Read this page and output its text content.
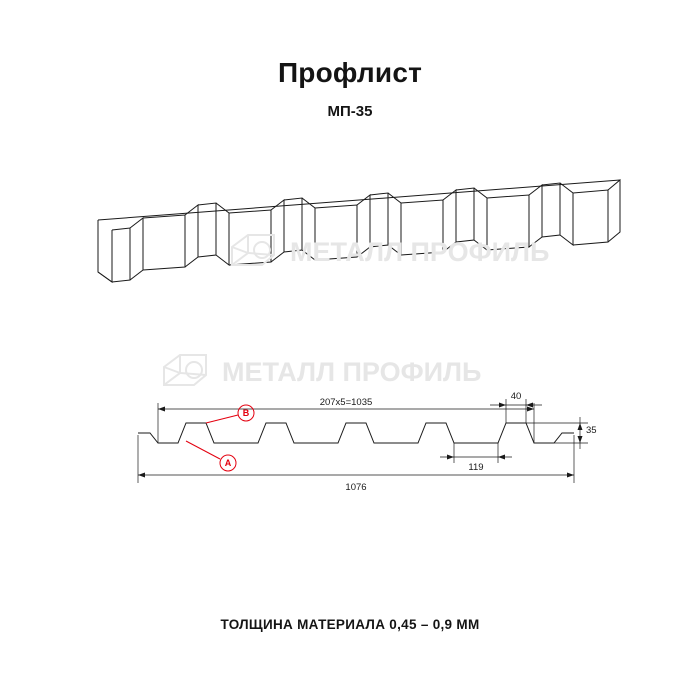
Профлист
МП-35
МЕТАЛЛ ПРОФИЛЬ
МЕТАЛЛ ПРОФИЛЬ
207х5=1035
40
119
35
1076
B
A
ТОЛЩИНА МАТЕРИАЛА 0,45 – 0,9 ММ
